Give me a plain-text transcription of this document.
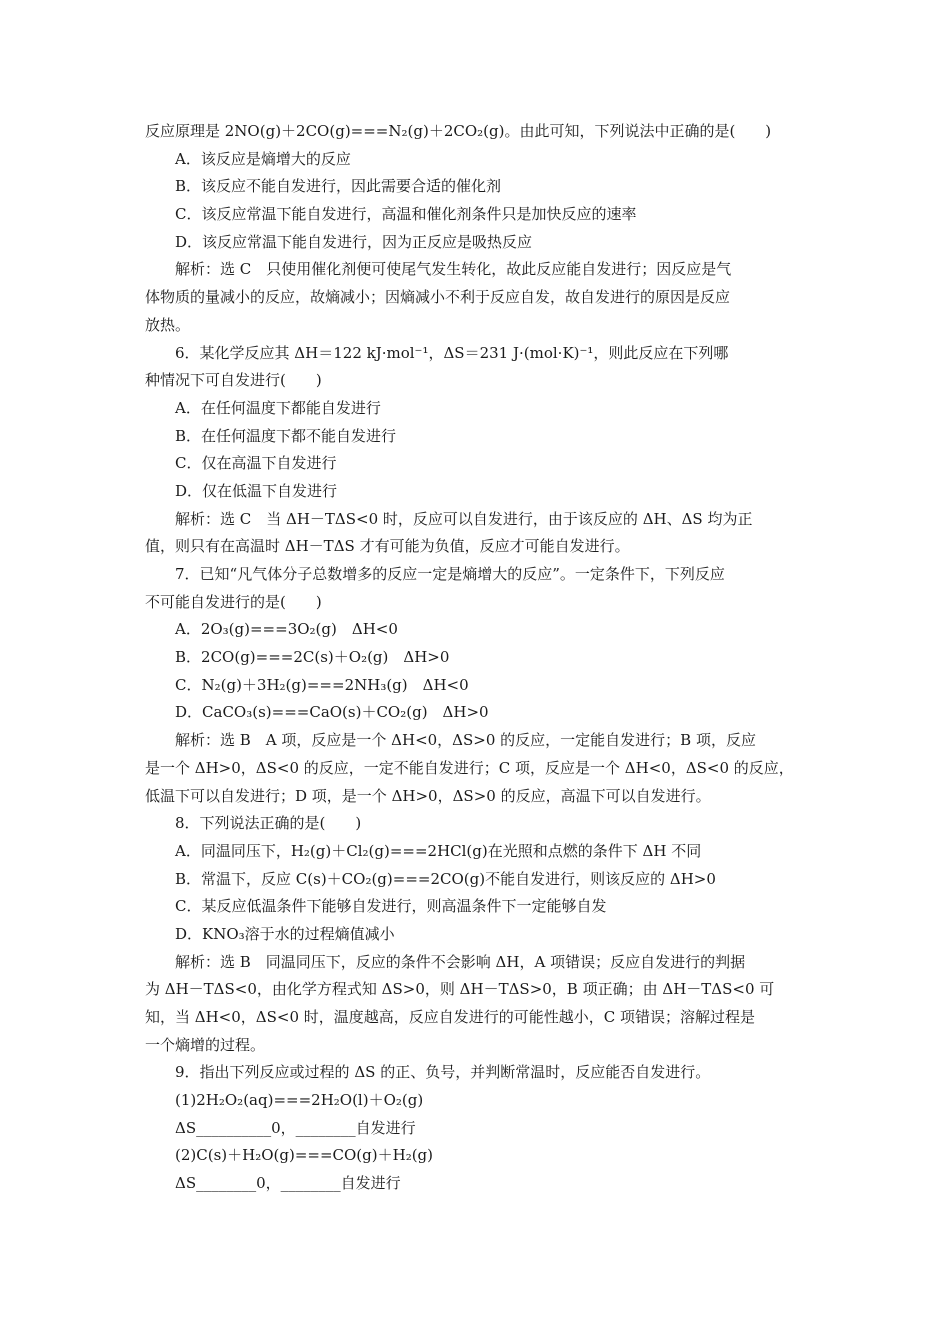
反应原理是 2NO(g)＋2CO(g)===N₂(g)＋2CO₂(g)。由此可知，下列说法中正确的是(　　)
A．该反应是熵增大的反应
B．该反应不能自发进行，因此需要合适的催化剂
C．该反应常温下能自发进行，高温和催化剂条件只是加快反应的速率
D．该反应常温下能自发进行，因为正反应是吸热反应
解析：选 C　只使用催化剂便可使尾气发生转化，故此反应能自发进行；因反应是气
体物质的量减小的反应，故熵减小；因熵减小不利于反应自发，故自发进行的原因是反应
放热。
6．某化学反应其 ΔH＝122 kJ·mol⁻¹，ΔS＝231 J·(mol·K)⁻¹，则此反应在下列哪
种情况下可自发进行(　　)
A．在任何温度下都能自发进行
B．在任何温度下都不能自发进行
C．仅在高温下自发进行
D．仅在低温下自发进行
解析：选 C　当 ΔH－TΔS<0 时，反应可以自发进行，由于该反应的 ΔH、ΔS 均为正
值，则只有在高温时 ΔH－TΔS 才有可能为负值，反应才可能自发进行。
7．已知“凡气体分子总数增多的反应一定是熵增大的反应”。一定条件下，下列反应
不可能自发进行的是(　　)
A．2O₃(g)===3O₂(g)　ΔH<0
B．2CO(g)===2C(s)＋O₂(g)　ΔH>0
C．N₂(g)＋3H₂(g)===2NH₃(g)　ΔH<0
D．CaCO₃(s)===CaO(s)＋CO₂(g)　ΔH>0
解析：选 B　A 项，反应是一个 ΔH<0，ΔS>0 的反应，一定能自发进行；B 项，反应
是一个 ΔH>0，ΔS<0 的反应，一定不能自发进行；C 项，反应是一个 ΔH<0，ΔS<0 的反应，
低温下可以自发进行；D 项，是一个 ΔH>0，ΔS>0 的反应，高温下可以自发进行。
8．下列说法正确的是(　　)
A．同温同压下，H₂(g)＋Cl₂(g)===2HCl(g)在光照和点燃的条件下 ΔH 不同
B．常温下，反应 C(s)＋CO₂(g)===2CO(g)不能自发进行，则该反应的 ΔH>0
C．某反应低温条件下能够自发进行，则高温条件下一定能够自发
D．KNO₃溶于水的过程熵值减小
解析：选 B　同温同压下，反应的条件不会影响 ΔH，A 项错误；反应自发进行的判据
为 ΔH－TΔS<0，由化学方程式知 ΔS>0，则 ΔH－TΔS>0，B 项正确；由 ΔH－TΔS<0 可
知，当 ΔH<0，ΔS<0 时，温度越高，反应自发进行的可能性越小，C 项错误；溶解过程是
一个熵增的过程。
9．指出下列反应或过程的 ΔS 的正、负号，并判断常温时，反应能否自发进行。
(1)2H₂O₂(aq)===2H₂O(l)＋O₂(g)
ΔS__________0，________自发进行
(2)C(s)＋H₂O(g)===CO(g)＋H₂(g)
ΔS________0，________自发进行
